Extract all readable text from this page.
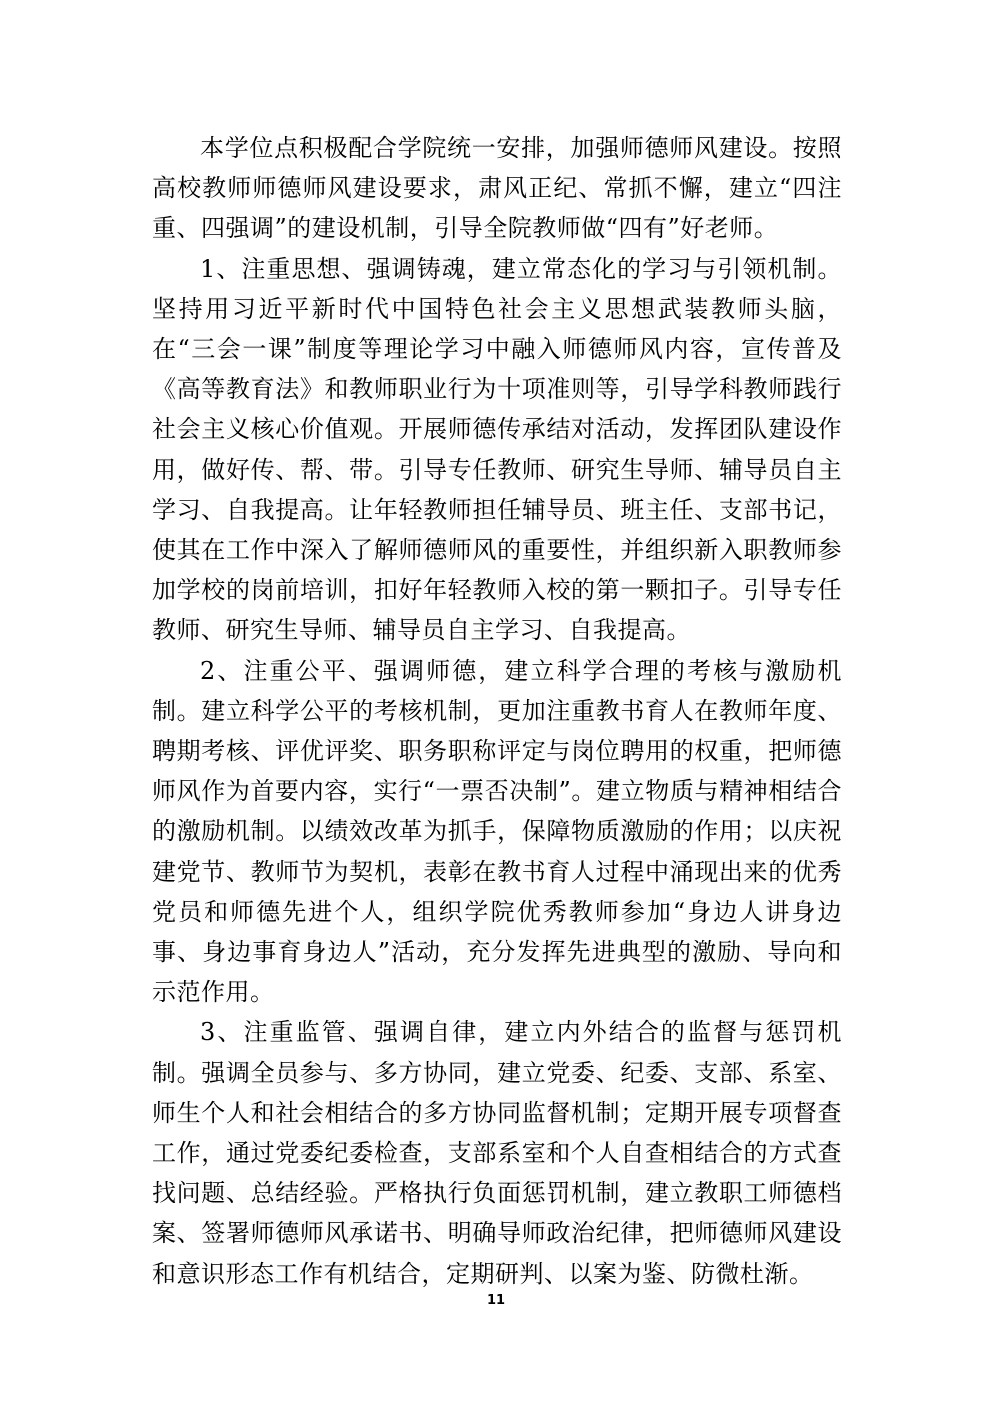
本学位点积极配合学院统一安排，加强师德师风建设。按照高校教师师德师风建设要求，肃风正纪、常抓不懈，建立“四注重、四强调”的建设机制，引导全院教师做“四有”好老师。

1、注重思想、强调铸魂，建立常态化的学习与引领机制。坚持用习近平新时代中国特色社会主义思想武装教师头脑，在“三会一课”制度等理论学习中融入师德师风内容，宣传普及《高等教育法》和教师职业行为十项准则等，引导学科教师践行社会主义核心价值观。开展师德传承结对活动，发挥团队建设作用，做好传、帮、带。引导专任教师、研究生导师、辅导员自主学习、自我提高。让年轻教师担任辅导员、班主任、支部书记，使其在工作中深入了解师德师风的重要性，并组织新入职教师参加学校的岗前培训，扣好年轻教师入校的第一颗扣子。引导专任教师、研究生导师、辅导员自主学习、自我提高。

2、注重公平、强调师德，建立科学合理的考核与激励机制。建立科学公平的考核机制，更加注重教书育人在教师年度、聘期考核、评优评奖、职务职称评定与岗位聘用的权重，把师德师风作为首要内容，实行“一票否决制”。建立物质与精神相结合的激励机制。以绩效改革为抓手，保障物质激励的作用；以庆祝建党节、教师节为契机，表彰在教书育人过程中涌现出来的优秀党员和师德先进个人，组织学院优秀教师参加“身边人讲身边事、身边事育身边人”活动，充分发挥先进典型的激励、导向和示范作用。

3、注重监管、强调自律，建立内外结合的监督与惩罚机制。强调全员参与、多方协同，建立党委、纪委、支部、系室、师生个人和社会相结合的多方协同监督机制；定期开展专项督查工作，通过党委纪委检查，支部系室和个人自查相结合的方式查找问题、总结经验。严格执行负面惩罚机制，建立教职工师德档案、签署师德师风承诺书、明确导师政治纪律，把师德师风建设和意识形态工作有机结合，定期研判、以案为鉴、防微杜渐。

11
